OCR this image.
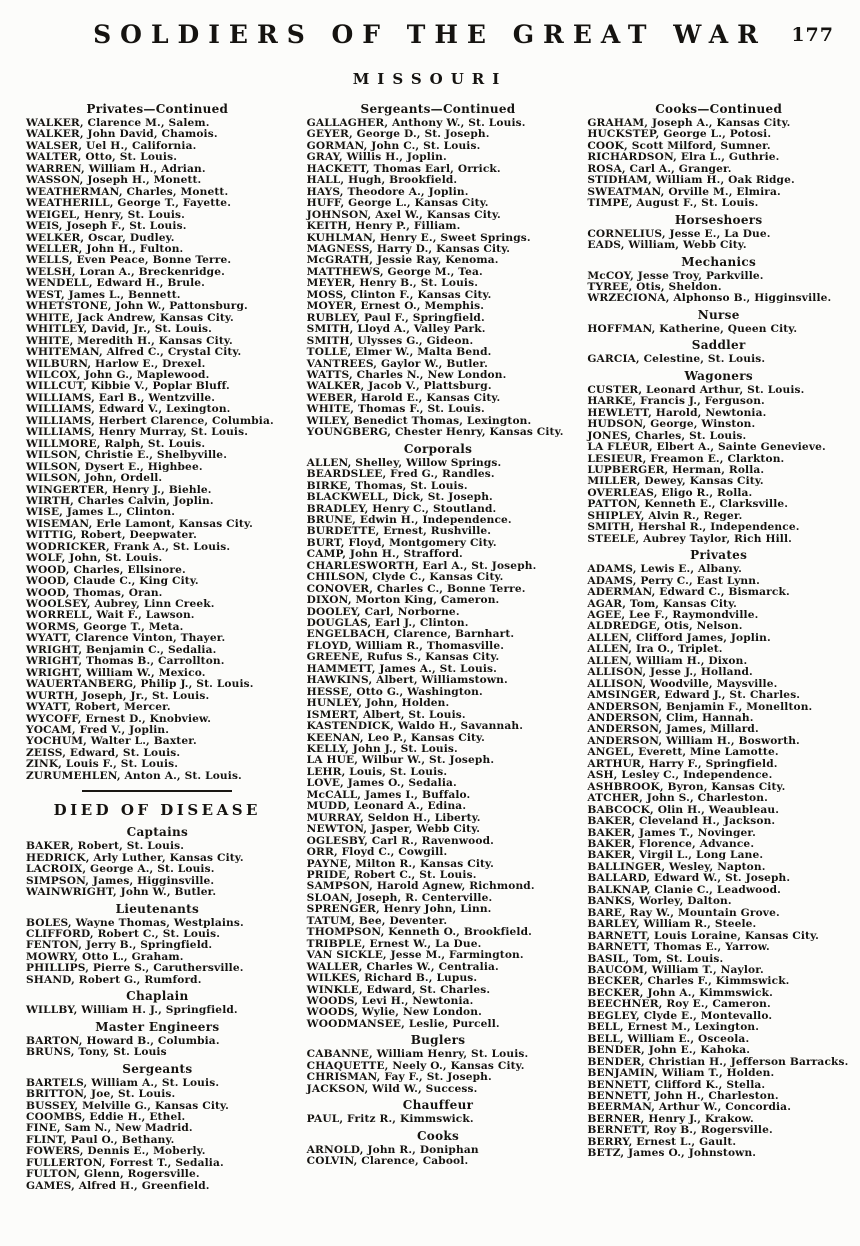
SOLDIERS OF THE GREAT WAR 177
MISSOURI
Privates—Continued

WALKER, Clarence M., Salem.

WALKER, John David, Chamois.

WALSER, Uel H., California.

WALTER, Otto, St. Louis.

WARREN, William H., Adrian.

WASSON, Joseph H., Monett.

WEATHERMAN, Charles, Monett.

WEATHERILL, George T., Fayette.

WEIGEL, Henry, St. Louis.

WEIS, Joseph F., St. Louis.

WELKER, Oscar, Dudley.

WELLER, John H., Fulton.

WELLS, Even Peace, Bonne Terre.

WELSH, Loran A., Breckenridge.

WENDELL, Edward H., Brule.

WEST, James L., Bennett.

WHETSTONE, John W., Pattonsburg.

WHITE, Jack Andrew, Kansas City.

WHITLEY, David, Jr., St. Louis.

WHITE, Meredith H., Kansas City.

WHITEMAN, Alfred C., Crystal City.

WILBURN, Harlow E., Drexel.

WILCOX, John G., Maplewood.

WILLCUT, Kibbie V., Poplar Bluff.

WILLIAMS, Earl B., Wentzville.

WILLIAMS, Edward V., Lexington.

WILLIAMS, Herbert Clarence, Columbia.

WILLIAMS, Henry Murray, St. Louis.

WILLMORE, Ralph, St. Louis.

WILSON, Christie E., Shelbyville.

WILSON, Dysert E., Highbee.

WILSON, John, Ordell.

WINGERTER, Henry J., Biehle.

WIRTH, Charles Calvin, Joplin.

WISE, James L., Clinton.

WISEMAN, Erle Lamont, Kansas City.

WITTIG, Robert, Deepwater.

WODRICKER, Frank A., St. Louis.

WOLF, John, St. Louis.

WOOD, Charles, Ellsinore.

WOOD, Claude C., King City.

WOOD, Thomas, Oran.

WOOLSEY, Aubrey, Linn Creek.

WORRELL, Wait F., Lawson.

WORMS, George T., Meta.

WYATT, Clarence Vinton, Thayer.

WRIGHT, Benjamin C., Sedalia.

WRIGHT, Thomas B., Carrollton.

WRIGHT, William W., Mexico.

WAUERTANBERG, Philip J., St. Louis.

WURTH, Joseph, Jr., St. Louis.

WYATT, Robert, Mercer.

WYCOFF, Ernest D., Knobview.

YOCAM, Fred V., Joplin.

YOCHUM, Walter L., Baxter.

ZEISS, Edward, St. Louis.

ZINK, Louis F., St. Louis.

ZURUMEHLEN, Anton A., St. Louis.

DIED OF DISEASE
Captains

BAKER, Robert, St. Louis.

HEDRICK, Arly Luther, Kansas City.

LACROIX, George A., St. Louis.

SIMPSON, James, Higginsville.

WAINWRIGHT, John W., Butler.

Lieutenants

BOLES, Wayne Thomas, Westplains.

CLIFFORD, Robert C., St. Louis.

FENTON, Jerry B., Springfield.

MOWRY, Otto L., Graham.

PHILLIPS, Pierre S., Caruthersville.

SHAND, Robert G., Rumford.

Chaplain

WILLBY, William H. J., Springfield.

Master Engineers

BARTON, Howard B., Columbia.

BRUNS, Tony, St. Louis

Sergeants

BARTELS, William A., St. Louis.

BRITTON, Joe, St. Louis.

BUSSEY, Melville G., Kansas City.

COOMBS, Eddie H., Ethel.

FINE, Sam N., New Madrid.

FLINT, Paul O., Bethany.

FOWERS, Dennis E., Moberly.

FULLERTON, Forrest T., Sedalia.

FULTON, Glenn, Rogersville.

GAMES, Alfred H., Greenfield.

Sergeants—Continued

GALLAGHER, Anthony W., St. Louis.

GEYER, George D., St. Joseph.

GORMAN, John C., St. Louis.

GRAY, Willis H., Joplin.

HACKETT, Thomas Earl, Orrick.

HALL, Hugh, Brookfield.

HAYS, Theodore A., Joplin.

HUFF, George L., Kansas City.

JOHNSON, Axel W., Kansas City.

KEITH, Henry P., Filliam.

KUHLMAN, Henry E., Sweet Springs.

MAGNESS, Harry D., Kansas City.

McGRATH, Jessie Ray, Kenoma.

MATTHEWS, George M., Tea.

MEYER, Henry B., St. Louis.

MOSS, Clinton F., Kansas City.

MOYER, Ernest O., Memphis.

RUBLEY, Paul F., Springfield.

SMITH, Lloyd A., Valley Park.

SMITH, Ulysses G., Gideon.

TOLLE, Elmer W., Malta Bend.

VANTREES, Gaylor W., Butler.

WATTS, Charles N., New London.

WALKER, Jacob V., Plattsburg.

WEBER, Harold E., Kansas City.

WHITE, Thomas F., St. Louis.

WILEY, Benedict Thomas, Lexington.

YOUNGBERG, Chester Henry, Kansas City.

Corporals

ALLEN, Shelley, Willow Springs.

BEARDSLEE, Fred G., Randles.

BIRKE, Thomas, St. Louis.

BLACKWELL, Dick, St. Joseph.

BRADLEY, Henry C., Stoutland.

BRUNE, Edwin H., Independence.

BURDETTE, Ernest, Rushville.

BURT, Floyd, Montgomery City.

CAMP, John H., Strafford.

CHARLESWORTH, Earl A., St. Joseph.

CHILSON, Clyde C., Kansas City.

CONOVER, Charles C., Bonne Terre.

DIXON, Morton King, Cameron.

DOOLEY, Carl, Norborne.

DOUGLAS, Earl J., Clinton.

ENGELBACH, Clarence, Barnhart.

FLOYD, William R., Thomasville.

GREENE, Rufus S., Kansas City.

HAMMETT, James A., St. Louis.

HAWKINS, Albert, Williamstown.

HESSE, Otto G., Washington.

HUNLEY, John, Holden.

ISMERT, Albert, St. Louis.

KASTENDICK, Waldo H., Savannah.

KEENAN, Leo P., Kansas City.

KELLY, John J., St. Louis.

LA HUE, Wilbur W., St. Joseph.

LEHR, Louis, St. Louis.

LOVE, James O., Sedalia.

McCALL, James I., Buffalo.

MUDD, Leonard A., Edina.

MURRAY, Seldon H., Liberty.

NEWTON, Jasper, Webb City.

OGLESBY, Carl R., Ravenwood.

ORR, Floyd C., Cowgill.

PAYNE, Milton R., Kansas City.

PRIDE, Robert C., St. Louis.

SAMPSON, Harold Agnew, Richmond.

SLOAN, Joseph, R. Centerville.

SPRENGER, Henry John, Linn.

TATUM, Bee, Deventer.

THOMPSON, Kenneth O., Brookfield.

TRIBPLE, Ernest W., La Due.

VAN SICKLE, Jesse M., Farmington.

WALLER, Charles W., Centralia.

WILKES, Richard B., Lupus.

WINKLE, Edward, St. Charles.

WOODS, Levi H., Newtonia.

WOODS, Wylie, New London.

WOODMANSEE, Leslie, Purcell.

Buglers

CABANNE, William Henry, St. Louis.

CHAQUETTE, Neely O., Kansas City.

CHRISMAN, Fay F., St. Joseph.

JACKSON, Wild W., Success.

Chauffeur

PAUL, Fritz R., Kimmswick.

Cooks

ARNOLD, John R., Doniphan

COLVIN, Clarence, Cabool.

Cooks—Continued

GRAHAM, Joseph A., Kansas City.

HUCKSTEP, George L., Potosi.

COOK, Scott Milford, Sumner.

RICHARDSON, Elra L., Guthrie.

ROSA, Carl A., Granger.

STIDHAM, William H., Oak Ridge.

SWEATMAN, Orville M., Elmira.

TIMPE, August F., St. Louis.

Horseshoers

CORNELIUS, Jesse E., La Due.

EADS, William, Webb City.

Mechanics

McCOY, Jesse Troy, Parkville.

TYREE, Otis, Sheldon.

WRZECIONA, Alphonso B., Higginsville.

Nurse

HOFFMAN, Katherine, Queen City.

Saddler

GARCIA, Celestine, St. Louis.

Wagoners

CUSTER, Leonard Arthur, St. Louis.

HARKE, Francis J., Ferguson.

HEWLETT, Harold, Newtonia.

HUDSON, George, Winston.

JONES, Charles, St. Louis.

LA FLEUR, Elbert A., Sainte Genevieve.

LESIEUR, Freamon E., Clarkton.

LUPBERGER, Herman, Rolla.

MILLER, Dewey, Kansas City.

OVERLEAS, Eligo R., Rolla.

PATTON, Kenneth E., Clarksville.

SHIPLEY, Alvin R., Reger.

SMITH, Hershal R., Independence.

STEELE, Aubrey Taylor, Rich Hill.

Privates

ADAMS, Lewis E., Albany.

ADAMS, Perry C., East Lynn.

ADERMAN, Edward C., Bismarck.

AGAR, Tom, Kansas City.

AGEE, Lee F., Raymondville.

ALDREDGE, Otis, Nelson.

ALLEN, Clifford James, Joplin.

ALLEN, Ira O., Triplet.

ALLEN, William H., Dixon.

ALLISON, Jesse J., Holland.

ALLISON, Woodville, Maysville.

AMSINGER, Edward J., St. Charles.

ANDERSON, Benjamin F., Monellton.

ANDERSON, Clim, Hannah.

ANDERSON, James, Millard.

ANDERSON, William H., Bosworth.

ANGEL, Everett, Mine Lamotte.

ARTHUR, Harry F., Springfield.

ASH, Lesley C., Independence.

ASHBROOK, Byron, Kansas City.

ATCHER, John S., Charleston.

BABCOCK, Olin H., Weaubleau.

BAKER, Cleveland H., Jackson.

BAKER, James T., Novinger.

BAKER, Florence, Advance.

BAKER, Virgil L., Long Lane.

BALLINGER, Wesley, Napton.

BALLARD, Edward W., St. Joseph.

BALKNAP, Clanie C., Leadwood.

BANKS, Worley, Dalton.

BARE, Ray W., Mountain Grove.

BARLEY, William R., Steele.

BARNETT, Louis Loraine, Kansas City.

BARNETT, Thomas E., Yarrow.

BASIL, Tom, St. Louis.

BAUCOM, William T., Naylor.

BECKER, Charles F., Kimmswick.

BECKER, John A., Kimmswick.

BEECHNER, Roy E., Cameron.

BEGLEY, Clyde E., Montevallo.

BELL, Ernest M., Lexington.

BELL, William E., Osceola.

BENDER, John E., Kahoka.

BENDER, Christian H., Jefferson Barracks.

BENJAMIN, Wiliam T., Holden.

BENNETT, Clifford K., Stella.

BENNETT, John H., Charleston.

BEERMAN, Arthur W., Concordia.

BERNER, Henry J., Krakow.

BERNETT, Roy B., Rogersville.

BERRY, Ernest L., Gault.

BETZ, James O., Johnstown.
